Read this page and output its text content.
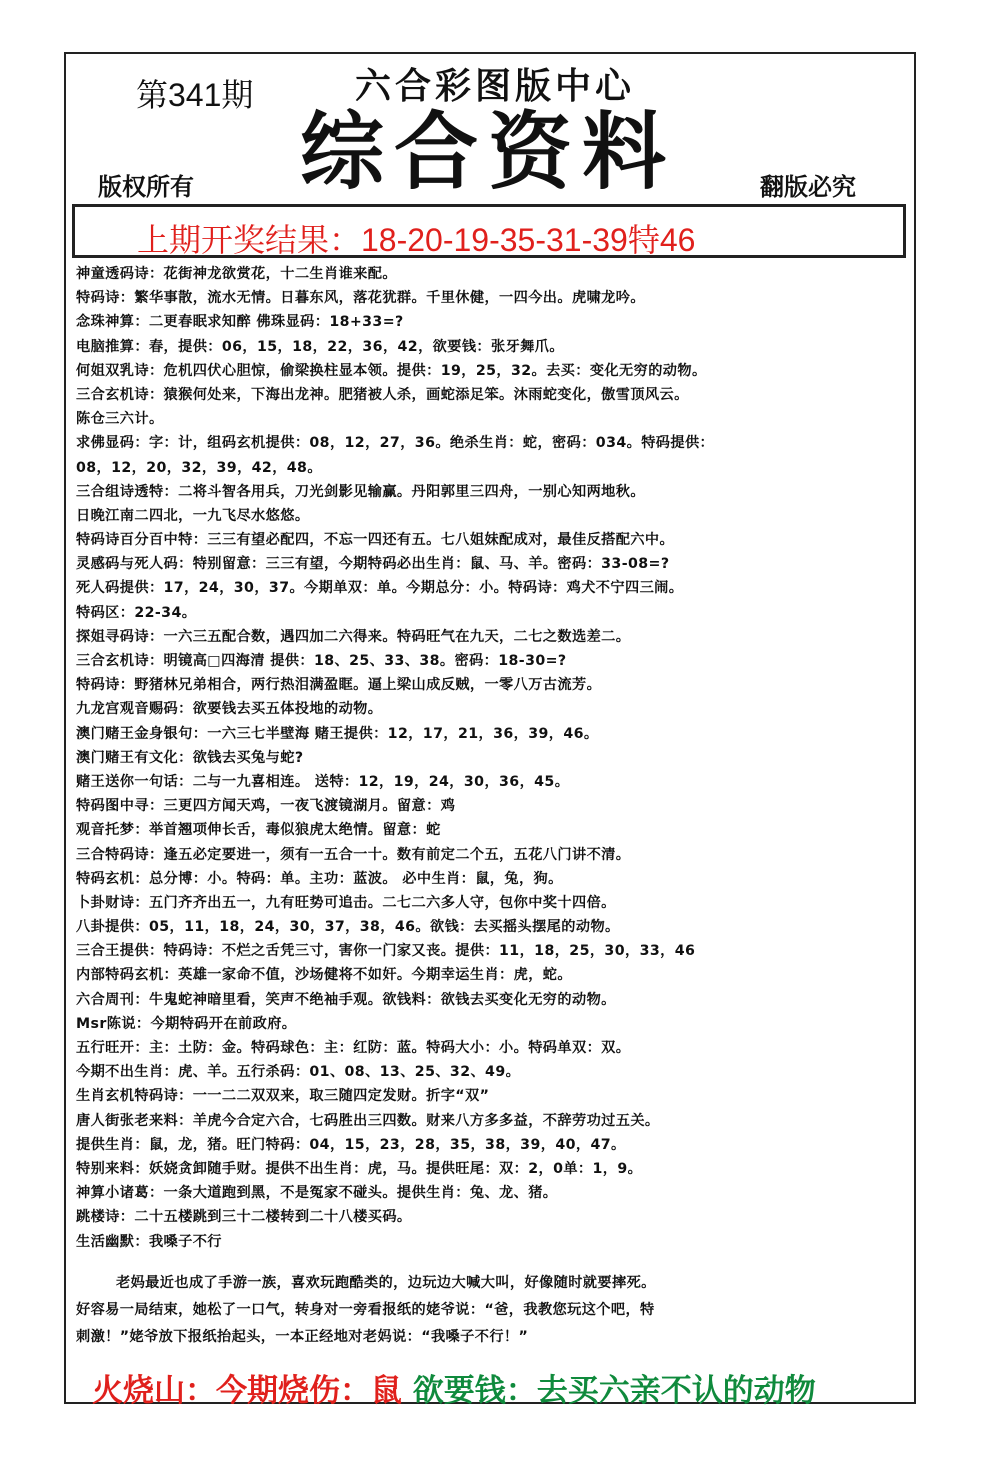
第341期	六合彩图版中心
综合资料
版权所有	翻版必究
上期开奖结果：18-20-19-35-31-39特46
神童透码诗：花街神龙欲赏花，十二生肖谁来配。
特码诗：繁华事散，流水无情。日暮东风，落花犹群。千里休健，一四今出。虎啸龙吟。
念珠神算：二更春眠求知醉 佛珠显码：18+33=?
电脑推算：春，提供：06，15，18，22，36，42，欲要钱：张牙舞爪。
何姐双乳诗：危机四伏心胆惊，偷梁换柱显本领。提供：19，25，32。去买：变化无穷的动物。
三合玄机诗：猿猴何处来，下海出龙神。肥猪被人杀，画蛇添足笨。沐雨蛇变化，傲雪顶风云。
陈仓三六计。
求佛显码：字：计，组码玄机提供：08，12，27，36。绝杀生肖：蛇，密码：034。特码提供：
08，12，20，32，39，42，48。
三合组诗透特：二将斗智各用兵，刀光剑影见输赢。丹阳郭里三四舟，一别心知两地秋。
日晚江南二四北，一九飞尽水悠悠。
特码诗百分百中特：三三有望必配四，不忘一四还有五。七八姐妹配成对，最佳反搭配六中。
灵感码与死人码：特别留意：三三有望，今期特码必出生肖：鼠、马、羊。密码：33-08=?
死人码提供：17，24，30，37。今期单双：单。今期总分：小。特码诗：鸡犬不宁四三闹。
特码区：22-34。
探姐寻码诗：一六三五配合数，遇四加二六得来。特码旺气在九天，二七之数选差二。
三合玄机诗：明镜高□四海清 提供：18、25、33、38。密码：18-30=?
特码诗：野猪林兄弟相合，两行热泪满盈眶。逼上梁山成反贼，一零八万古流芳。
九龙宫观音赐码：欲要钱去买五体投地的动物。
澳门赌王金身银句：一六三七半壁海 赌王提供：12，17，21，36，39，46。
澳门赌王有文化：欲钱去买兔与蛇?
赌王送你一句话：二与一九喜相连。 送特：12，19，24，30，36，45。
特码图中寻：三更四方闻天鸡，一夜飞渡镜湖月。留意：鸡
观音托梦：举首翘项伸长舌，毒似狼虎太绝情。留意：蛇
三合特码诗：逢五必定要进一，须有一五合一十。数有前定二个五，五花八门讲不清。
特码玄机：总分博：小。特码：单。主功：蓝波。 必中生肖：鼠，兔，狗。
卜卦财诗：五门齐齐出五一，九有旺势可追击。二七二六多人守，包你中奖十四倍。
八卦提供：05，11，18，24，30，37，38，46。欲钱：去买摇头摆尾的动物。
三合王提供：特码诗：不烂之舌凭三寸，害你一门家又丧。提供：11，18，25，30，33，46
内部特码玄机：英雄一家命不值，沙场健将不如奸。今期幸运生肖：虎，蛇。
六合周刊：牛鬼蛇神暗里看，笑声不绝袖手观。欲钱料：欲钱去买变化无穷的动物。
Msr陈说：今期特码开在前政府。
五行旺开：主：土防：金。特码球色：主：红防：蓝。特码大小：小。特码单双：双。
今期不出生肖：虎、羊。五行杀码：01、08、13、25、32、49。
生肖玄机特码诗：一一二二双双来，取三随四定发财。折字“双”
唐人街张老来料：羊虎今合定六合，七码胜出三四数。财来八方多多益，不辞劳功过五关。
提供生肖：鼠，龙，猪。旺门特码：04，15，23，28，35，38，39，40，47。
特别来料：妖娆贪卸随手财。提供不出生肖：虎，马。提供旺尾：双：2，0单：1，9。
神算小诸葛：一条大道跑到黑，不是冤家不碰头。提供生肖：兔、龙、猪。
跳楼诗：二十五楼跳到三十二楼转到二十八楼买码。
生活幽默：我嗓子不行
老妈最近也成了手游一族，喜欢玩跑酷类的，边玩边大喊大叫，好像随时就要摔死。
好容易一局结束，她松了一口气，转身对一旁看报纸的姥爷说：“爸，我教您玩这个吧，特
刺激！”姥爷放下报纸抬起头，一本正经地对老妈说：“我嗓子不行！”
火烧山：今期烧伤：鼠 欲要钱：去买六亲不认的动物
